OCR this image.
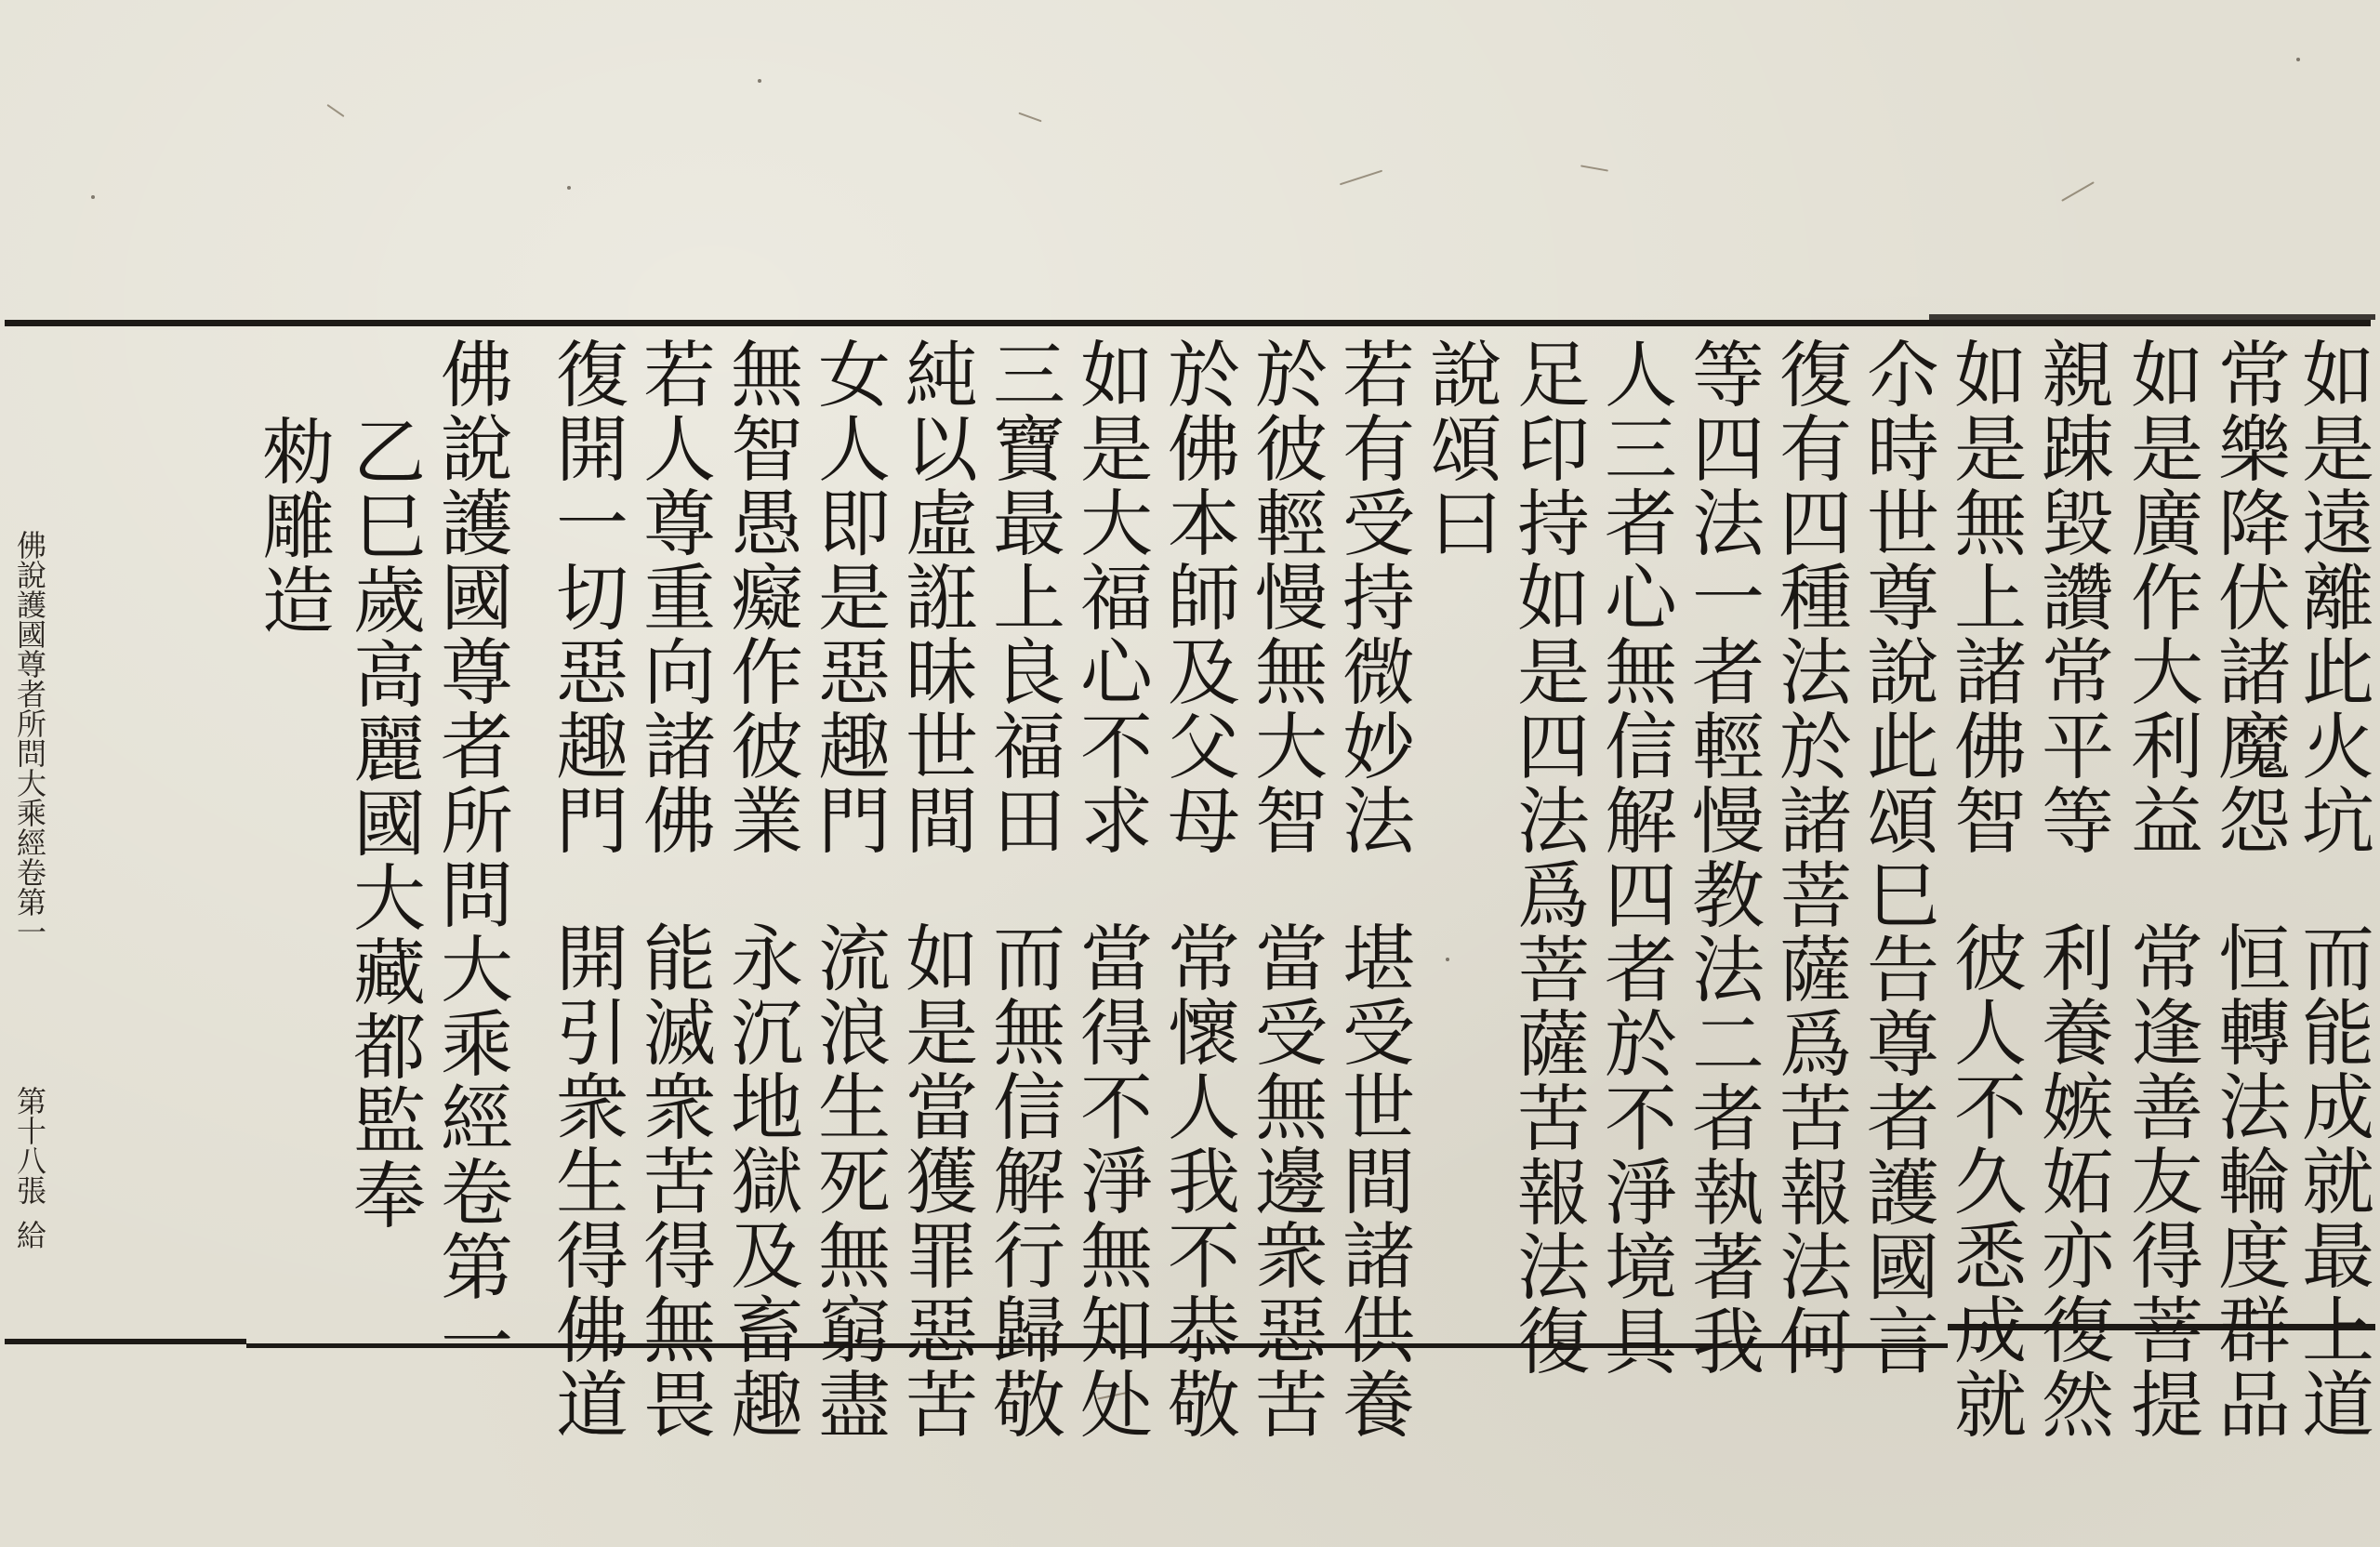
如是遠離此火坑而能成就最上道
常樂降伏諸魔怨恒轉法輪度群品
如是廣作大利益常逢善友得菩提
親踈毀讚常平等利養嫉妬亦復然
如是無上諸佛智彼人不久悉成就
尒時世尊說此頌巳告尊者護國言
復有四種法於諸菩薩爲苦報法何
等四法一者輕慢教法二者執著我
人三者心無信解四者於不淨境具
足印持如是四法爲菩薩苦報法復
說頌曰
若有受持微妙法堪受世間諸供養
於彼輕慢無大智當受無邊衆惡苦
於佛本師及父母常懷人我不恭敬
如是大福心不求當得不淨無知处
三寶最上良福田而無信解行歸敬
純以虛誑昧世間如是當獲罪惡苦
女人即是惡趣門流浪生死無窮盡
無智愚癡作彼業永沉地獄及畜趣
若人尊重向諸佛能滅衆苦得無畏
復開一切惡趣門開引衆生得佛道
佛說護國尊者所問大乘經卷第一
乙巳歲高麗國大藏都監奉
勑雕造
佛說護國尊者所問大乘經卷第一
第十八張
給
